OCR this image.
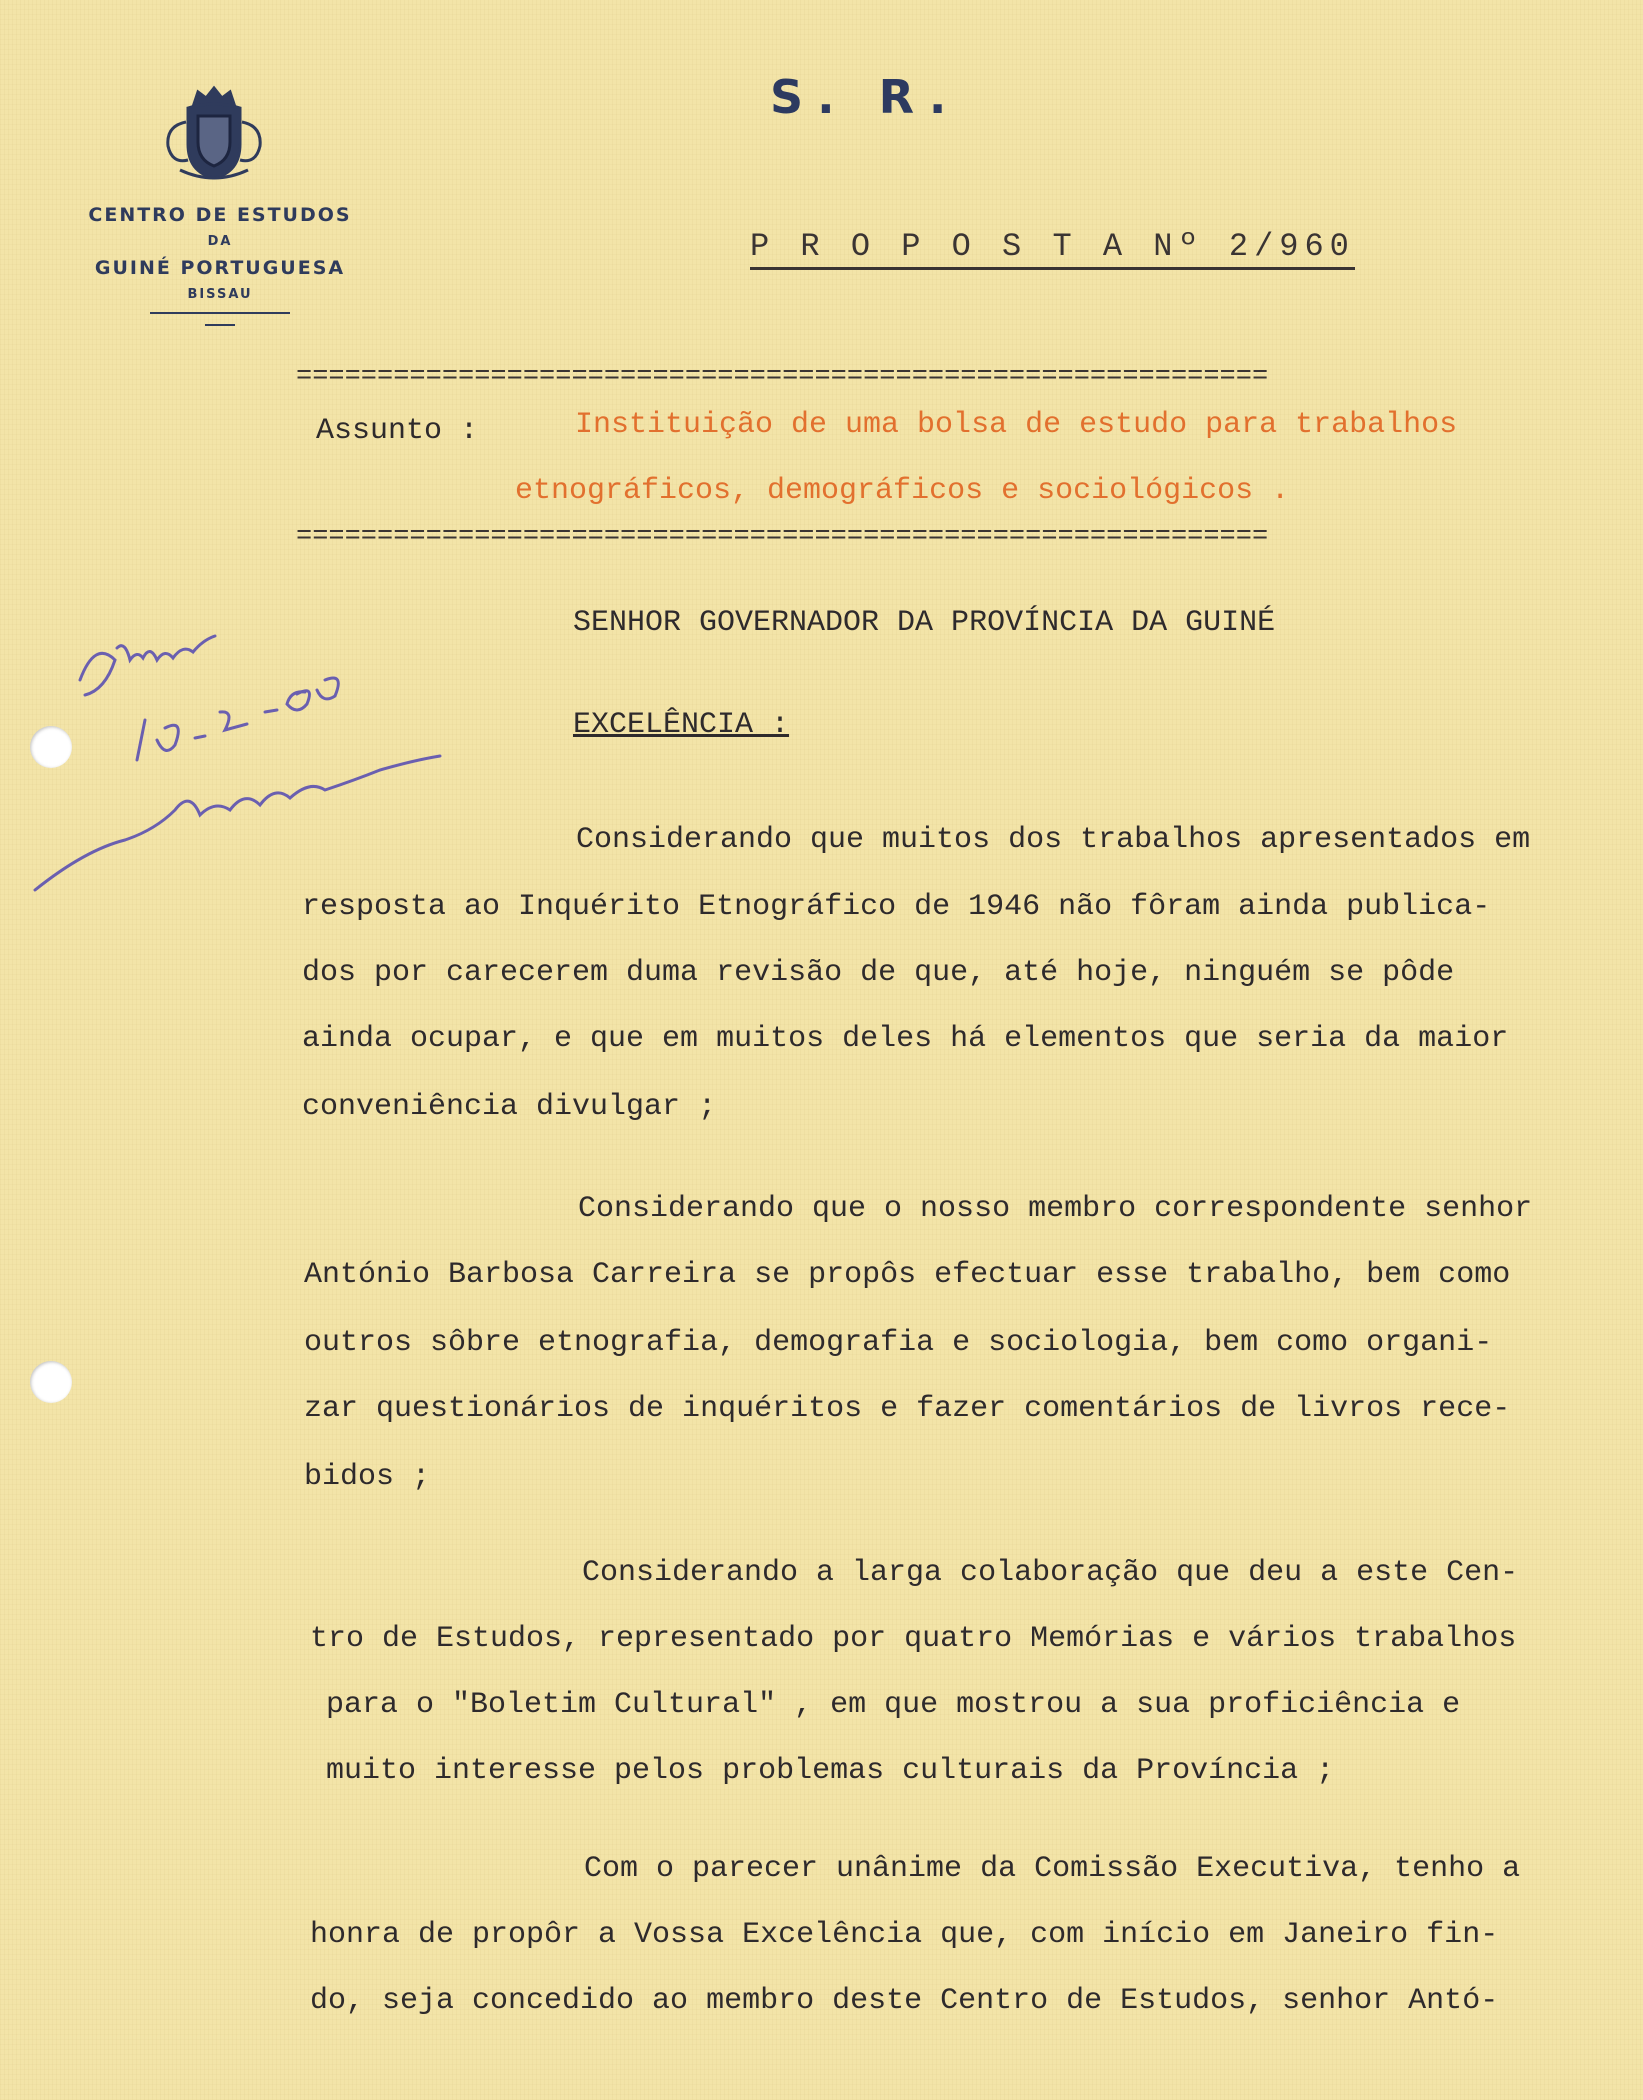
CENTRO DE ESTUDOS
DA
GUINÉ PORTUGUESA
BISSAU
S. R.
P R O P O S T A Nº 2/960
============================================================
Assunto :	Instituição de uma bolsa de estudo para trabalhos
etnográficos, demográficos e sociológicos .
============================================================
SENHOR GOVERNADOR DA PROVÍNCIA DA GUINÉ
EXCELÊNCIA :
Considerando que muitos dos trabalhos apresentados em
resposta ao Inquérito Etnográfico de 1946 não fôram ainda publica-
dos por carecerem duma revisão de que, até hoje, ninguém se pôde
ainda ocupar, e que em muitos deles há elementos que seria da maior
conveniência divulgar ;
Considerando que o nosso membro correspondente senhor
António Barbosa Carreira se propôs efectuar esse trabalho, bem como
outros sôbre etnografia, demografia e sociologia, bem como organi-
zar questionários de inquéritos e fazer comentários de livros rece-
bidos ;
Considerando a larga colaboração que deu a este Cen-
tro de Estudos, representado por quatro Memórias e vários trabalhos
para o "Boletim Cultural" , em que mostrou a sua proficiência e
muito interesse pelos problemas culturais da Província ;
Com o parecer unânime da Comissão Executiva, tenho a
honra de propôr a Vossa Excelência que, com início em Janeiro fin-
do, seja concedido ao membro deste Centro de Estudos, senhor Antó-
